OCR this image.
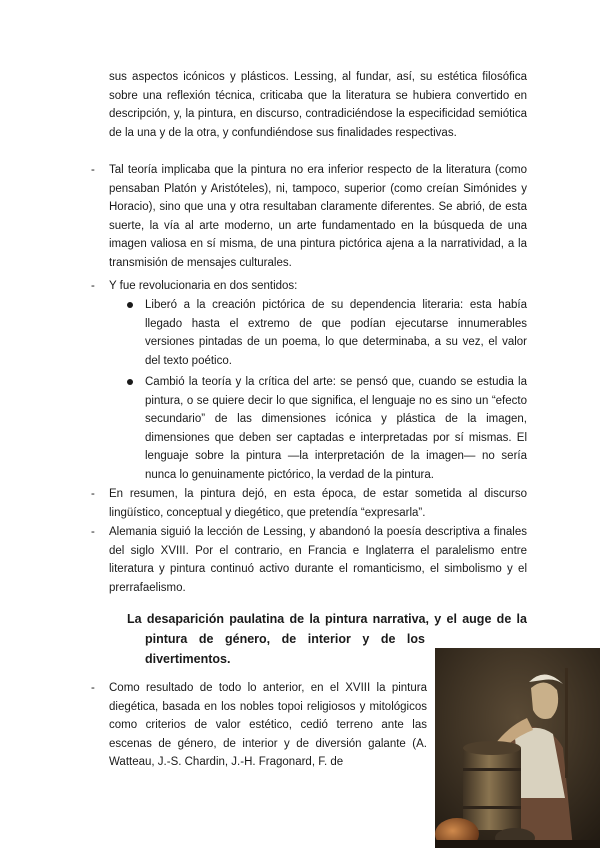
sus aspectos icónicos y plásticos. Lessing, al fundar, así, su estética filosófica sobre una reflexión técnica, criticaba que la literatura se hubiera convertido en descripción, y, la pintura, en discurso, contradiciéndose la especificidad semiótica de la una y de la otra, y confundiéndose sus finalidades respectivas.

- Tal teoría implicaba que la pintura no era inferior respecto de la literatura (como pensaban Platón y Aristóteles), ni, tampoco, superior (como creían Simónides y Horacio), sino que una y otra resultaban claramente diferentes. Se abrió, de esta suerte, la vía al arte moderno, un arte fundamentado en la búsqueda de una imagen valiosa en sí misma, de una pintura pictórica ajena a la narratividad, a la transmisión de mensajes culturales.

- Y fue revolucionaria en dos sentidos:

Liberó a la creación pictórica de su dependencia literaria: esta había llegado hasta el extremo de que podían ejecutarse innumerables versiones pintadas de un poema, lo que determinaba, a su vez, el valor del texto poético.

Cambió la teoría y la crítica del arte: se pensó que, cuando se estudia la pintura, o se quiere decir lo que significa, el lenguaje no es sino un “efecto secundario” de las dimensiones icónica y plástica de la imagen, dimensiones que deben ser captadas e interpretadas por sí mismas. El lenguaje sobre la pintura —la interpretación de la imagen— no sería nunca lo genuinamente pictórico, la verdad de la pintura.

- En resumen, la pintura dejó, en esta época, de estar sometida al discurso lingüístico, conceptual y diegético, que pretendía “expresarla”.

- Alemania siguió la lección de Lessing, y abandonó la poesía descriptiva a finales del siglo XVIII. Por el contrario, en Francia e Inglaterra el paralelismo entre literatura y pintura continuó activo durante el romanticismo, el simbolismo y el prerrafaelismo.

La desaparición paulatina de la pintura narrativa, y el auge de la
pintura de género, de interior y de los
divertimentos.
- Como resultado de todo lo anterior, en el XVIII la pintura diegética, basada en los nobles topoi religiosos y mitológicos como criterios de valor estético, cedió terreno ante las escenas de género, de interior y de diversión galante (A. Watteau, J.-S. Chardin, J.-H. Fragonard, F. de
